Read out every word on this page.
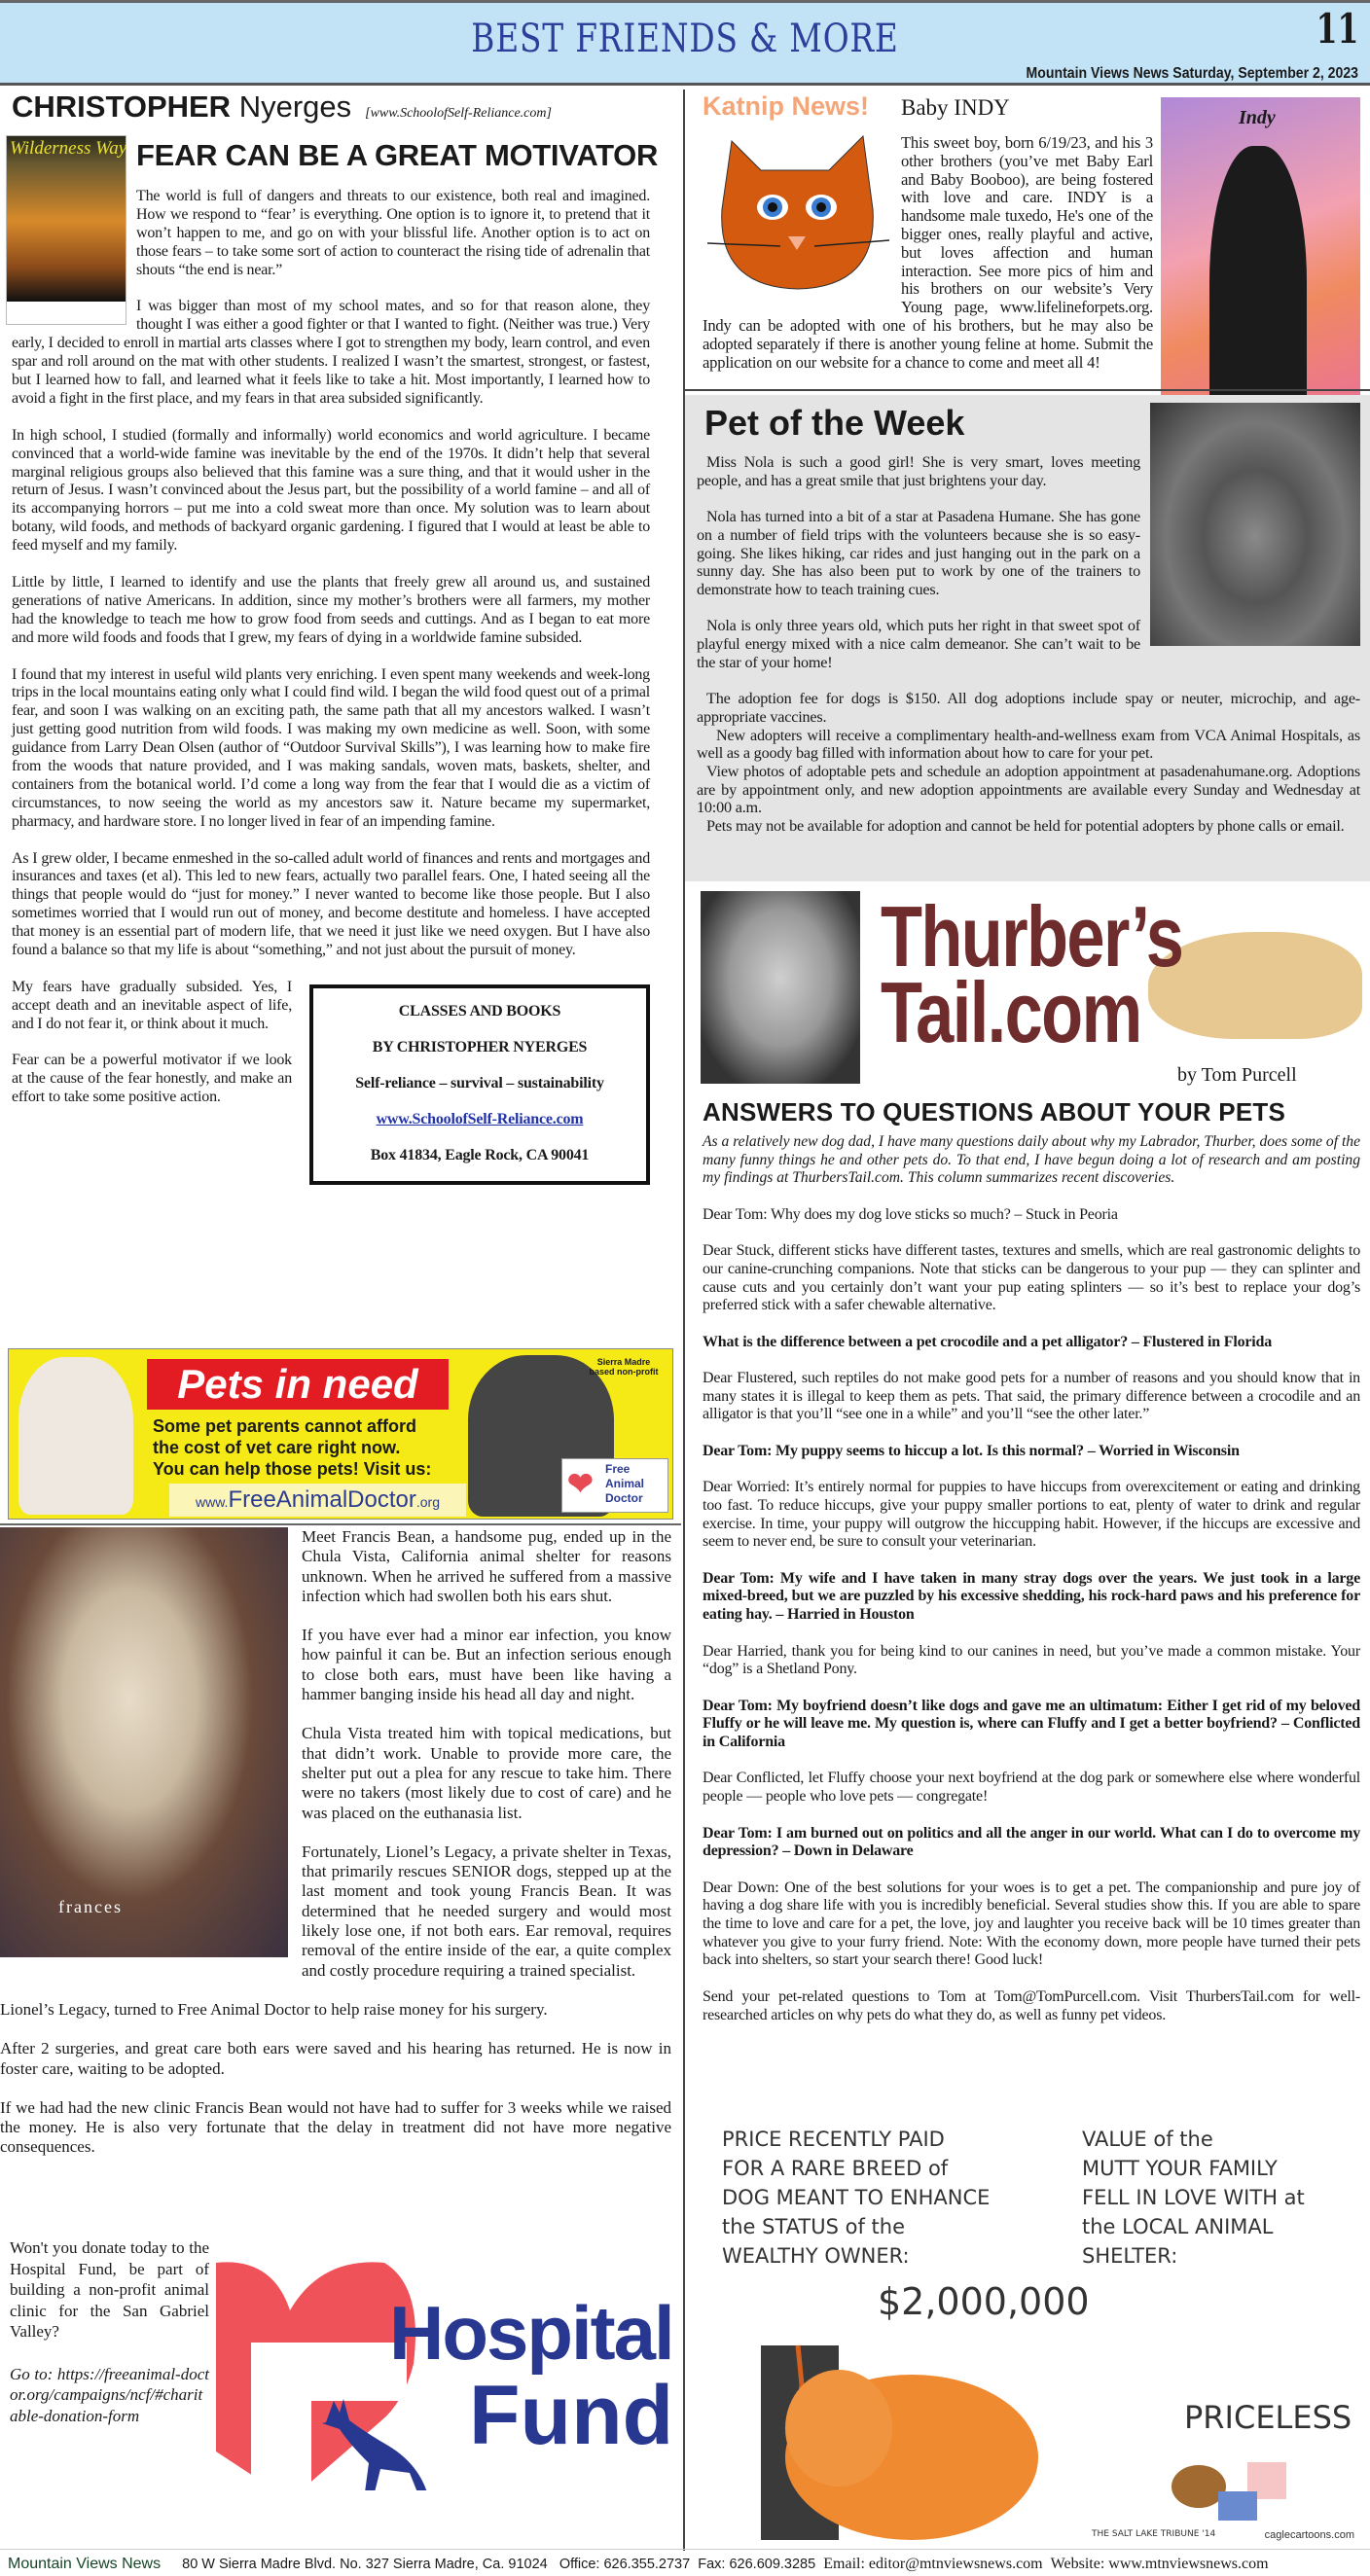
BEST FRIENDS & MORE	11
Mountain Views News Saturday, September 2, 2023
CHRISTOPHER Nyerges [www.SchoolofSelf-Reliance.com]
Wilderness Way FEAR CAN BE A GREAT MOTIVATOR

The world is full of dangers and threats to our existence, both real and imagined. How we respond to “fear’ is everything. One option is to ignore it, to pretend that it won’t happen to me, and go on with your blissful life. Another option is to act on those fears – to take some sort of action to counteract the rising tide of adrenalin that shouts “the end is near.”

I was bigger than most of my school mates, and so for that reason alone, they thought I was either a good fighter or that I wanted to fight. (Neither was true.) Very early, I decided to enroll in martial arts classes where I got to strengthen my body, learn control, and even spar and roll around on the mat with other students. I realized I wasn’t the smartest, strongest, or fastest, but I learned how to fall, and learned what it feels like to take a hit. Most importantly, I learned how to avoid a fight in the first place, and my fears in that area subsided significantly.

In high school, I studied (formally and informally) world economics and world agriculture. I became convinced that a world-wide famine was inevitable by the end of the 1970s. It didn’t help that several marginal religious groups also believed that this famine was a sure thing, and that it would usher in the return of Jesus. I wasn’t convinced about the Jesus part, but the possibility of a world famine – and all of its accompanying horrors – put me into a cold sweat more than once. My solution was to learn about botany, wild foods, and methods of backyard organic gardening. I figured that I would at least be able to feed myself and my family.

Little by little, I learned to identify and use the plants that freely grew all around us, and sustained generations of native Americans. In addition, since my mother’s brothers were all farmers, my mother had the knowledge to teach me how to grow food from seeds and cuttings. And as I began to eat more and more wild foods and foods that I grew, my fears of dying in a worldwide famine subsided.

I found that my interest in useful wild plants very enriching. I even spent many weekends and week-long trips in the local mountains eating only what I could find wild. I began the wild food quest out of a primal fear, and soon I was walking on an exciting path, the same path that all my ancestors walked. I wasn’t just getting good nutrition from wild foods. I was making my own medicine as well. Soon, with some guidance from Larry Dean Olsen (author of “Outdoor Survival Skills”), I was learning how to make fire from the woods that nature provided, and I was making sandals, woven mats, baskets, shelter, and containers from the botanical world. I’d come a long way from the fear that I would die as a victim of circumstances, to now seeing the world as my ancestors saw it. Nature became my supermarket, pharmacy, and hardware store. I no longer lived in fear of an impending famine.

As I grew older, I became enmeshed in the so-called adult world of finances and rents and mortgages and insurances and taxes (et al). This led to new fears, actually two parallel fears. One, I hated seeing all the things that people would do “just for money.” I never wanted to become like those people. But I also sometimes worried that I would run out of money, and become destitute and homeless. I have accepted that money is an essential part of modern life, that we need it just like we need oxygen. But I have also found a balance so that my life is about “something,” and not just about the pursuit of money.

CLASSES AND BOOKS
BY CHRISTOPHER NYERGES
Self-reliance – survival – sustainability
www.SchoolofSelf-Reliance.com
Box 41834, Eagle Rock, CA 90041

My fears have gradually subsided. Yes, I accept death and an inevitable aspect of life, and I do not fear it, or think about it much.

Fear can be a powerful motivator if we look at the cause of the fear honestly, and make an effort to take some positive action.

Pets in need
Some pet parents cannot afford
the cost of vet care right now.
You can help those pets! Visit us:
www.FreeAnimalDoctor.org
Sierra Madre based non-profit
❤ Free
Animal
Doctor
frances

Meet Francis Bean, a handsome pug, ended up in the Chula Vista, California animal shelter for reasons unknown. When he arrived he suffered from a massive infection which had swollen both his ears shut.

If you have ever had a minor ear infection, you know how painful it can be. But an infection serious enough to close both ears, must have been like having a hammer banging inside his head all day and night.

Chula Vista treated him with topical medications, but that didn’t work. Unable to provide more care, the shelter put out a plea for any rescue to take him. There were no takers (most likely due to cost of care) and he was placed on the euthanasia list.

Fortunately, Lionel’s Legacy, a private shelter in Texas, that primarily rescues SENIOR dogs, stepped up at the last moment and took young Francis Bean. It was determined that he needed surgery and would most likely lose one, if not both ears. Ear removal, requires removal of the entire inside of the ear, a quite complex and costly procedure requiring a trained specialist.

Lionel’s Legacy, turned to Free Animal Doctor to help raise money for his surgery.

After 2 surgeries, and great care both ears were saved and his hearing has returned. He is now in foster care, waiting to be adopted.

If we had had the new clinic Francis Bean would not have had to suffer for 3 weeks while we raised the money. He is also very fortunate that the delay in treatment did not have more negative consequences.

Won't you donate today to the Hospital Fund, be part of building a non-profit animal clinic for the San Gabriel Valley?
Go to: https://freeanimal-doctor.org/campaigns/ncf/#charitable-donation-form
Hospital
Fund
Katnip News!	Indy
Baby INDY
This sweet boy, born 6/19/23, and his 3 other brothers (you’ve met Baby Earl and Baby Booboo), are being fostered with love and care. INDY is a handsome male tuxedo, He's one of the bigger ones, really playful and active, but loves affection and human interaction. See more pics of him and his brothers on our website’s Very Young page, www.lifelineforpets.org. Indy can be adopted with one of his brothers, but he may also be adopted separately if there is another young feline at home. Submit the application on our website for a chance to come and meet all 4!
Pet of the Week

Miss Nola is such a good girl! She is very smart, loves meeting people, and has a great smile that just brightens your day.

Nola has turned into a bit of a star at Pasadena Humane. She has gone on a number of field trips with the volunteers because she is so easy-going. She likes hiking, car rides and just hanging out in the park on a sunny day. She has also been put to work by one of the trainers to demonstrate how to teach training cues.

Nola is only three years old, which puts her right in that sweet spot of playful energy mixed with a nice calm demeanor. She can’t wait to be the star of your home!

The adoption fee for dogs is $150. All dog adoptions include spay or neuter, microchip, and age-appropriate vaccines.

New adopters will receive a complimentary health-and-wellness exam from VCA Animal Hospitals, as well as a goody bag filled with information about how to care for your pet.

View photos of adoptable pets and schedule an adoption appointment at pasadenahumane.org. Adoptions are by appointment only, and new adoption appointments are available every Sunday and Wednesday at 10:00 a.m.

Pets may not be available for adoption and cannot be held for potential adopters by phone calls or email.

Thurber’s
Tail.com
by Tom Purcell
ANSWERS TO QUESTIONS ABOUT YOUR PETS
As a relatively new dog dad, I have many questions daily about why my Labrador, Thurber, does some of the many funny things he and other pets do. To that end, I have begun doing a lot of research and am posting my findings at ThurbersTail.com. This column summarizes recent discoveries.

Dear Tom: Why does my dog love sticks so much? – Stuck in Peoria

Dear Stuck, different sticks have different tastes, textures and smells, which are real gastronomic delights to our canine-crunching companions. Note that sticks can be dangerous to your pup — they can splinter and cause cuts and you certainly don’t want your pup eating splinters — so it’s best to replace your dog’s preferred stick with a safer chewable alternative.

What is the difference between a pet crocodile and a pet alligator? – Flustered in Florida

Dear Flustered, such reptiles do not make good pets for a number of reasons and you should know that in many states it is illegal to keep them as pets. That said, the primary difference between a crocodile and an alligator is that you’ll “see one in a while” and you’ll “see the other later.”

Dear Tom: My puppy seems to hiccup a lot. Is this normal? – Worried in Wisconsin

Dear Worried: It’s entirely normal for puppies to have hiccups from overexcitement or eating and drinking too fast. To reduce hiccups, give your puppy smaller portions to eat, plenty of water to drink and regular exercise. In time, your puppy will outgrow the hiccupping habit. However, if the hiccups are excessive and seem to never end, be sure to consult your veterinarian.

Dear Tom: My wife and I have taken in many stray dogs over the years. We just took in a large mixed-breed, but we are puzzled by his excessive shedding, his rock-hard paws and his preference for eating hay. – Harried in Houston

Dear Harried, thank you for being kind to our canines in need, but you’ve made a common mistake. Your “dog” is a Shetland Pony.

Dear Tom: My boyfriend doesn’t like dogs and gave me an ultimatum: Either I get rid of my beloved Fluffy or he will leave me. My question is, where can Fluffy and I get a better boyfriend? – Conflicted in California

Dear Conflicted, let Fluffy choose your next boyfriend at the dog park or somewhere else where wonderful people — people who love pets — congregate!

Dear Tom: I am burned out on politics and all the anger in our world. What can I do to overcome my depression? – Down in Delaware

Dear Down: One of the best solutions for your woes is to get a pet. The companionship and pure joy of having a dog share life with you is incredibly beneficial. Several studies show this. If you are able to spare the time to love and care for a pet, the love, joy and laughter you receive back will be 10 times greater than whatever you give to your furry friend. Note: With the economy down, more people have turned their pets back into shelters, so start your search there! Good luck!

Send your pet-related questions to Tom at Tom@TomPurcell.com. Visit ThurbersTail.com for well-researched articles on why pets do what they do, as well as funny pet videos.

PRICE RECENTLY PAID
FOR A RARE BREED of
DOG MEANT TO ENHANCE
the STATUS of the
WEALTHY OWNER:
VALUE of the
MUTT YOUR FAMILY
FELL IN LOVE WITH at
the LOCAL ANIMAL
SHELTER:
$2,000,000
PRICELESS
THE SALT LAKE TRIBUNE '14	caglecartoons.com
Mountain Views News 80 W Sierra Madre Blvd. No. 327 Sierra Madre, Ca. 91024 Office: 626.355.2737 Fax: 626.609.3285 Email: editor@mtnviewsnews.com Website: www.mtnviewsnews.com
